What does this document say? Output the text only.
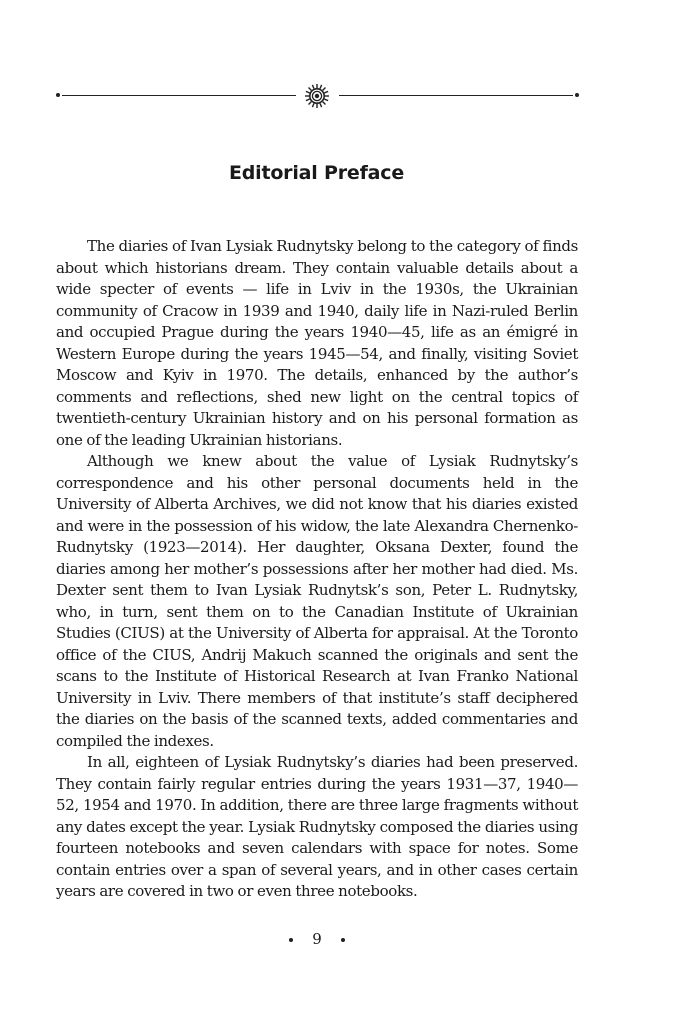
Editorial Preface

The diaries of Ivan Lysiak Rudnytsky belong to the category of finds about which historians dream. They contain valuable details about a wide specter of events — life in Lviv in the 1930s, the Ukrainian community of Cracow in 1939 and 1940, daily life in Nazi-ruled Berlin and occupied Prague during the years 1940—45, life as an émigré in Western Europe during the years 1945—54, and finally, visiting Soviet Moscow and Kyiv in 1970. The details, enhanced by the author’s comments and reflections, shed new light on the central topics of twentieth-century Ukrainian history and on his personal formation as one of the leading Ukrainian historians.

Although we knew about the value of Lysiak Rudnytsky’s correspondence and his other personal documents held in the University of Alberta Archives, we did not know that his diaries existed and were in the possession of his widow, the late Alexandra Chernenko-Rudnytsky (1923—2014). Her daughter, Oksana Dexter, found the diaries among her mother’s possessions after her mother had died. Ms. Dexter sent them to Ivan Lysiak Rudnytsk’s son, Peter L. Rudnytsky, who, in turn, sent them on to the Canadian Institute of Ukrainian Studies (CIUS) at the University of Alberta for appraisal. At the Toronto office of the CIUS, Andrij Makuch scanned the originals and sent the scans to the Institute of Historical Research at Ivan Franko National University in Lviv. There members of that institute’s staff deciphered the diaries on the basis of the scanned texts, added commentaries and compiled the indexes.

In all, eighteen of Lysiak Rudnytsky’s diaries had been preserved. They contain fairly regular entries during the years 1931—37, 1940—52, 1954 and 1970. In addition, there are three large fragments without any dates except the year. Lysiak Rudnytsky composed the diaries using fourteen notebooks and seven calendars with space for notes. Some contain entries over a span of several years, and in other cases certain years are covered in two or even three notebooks.

9
